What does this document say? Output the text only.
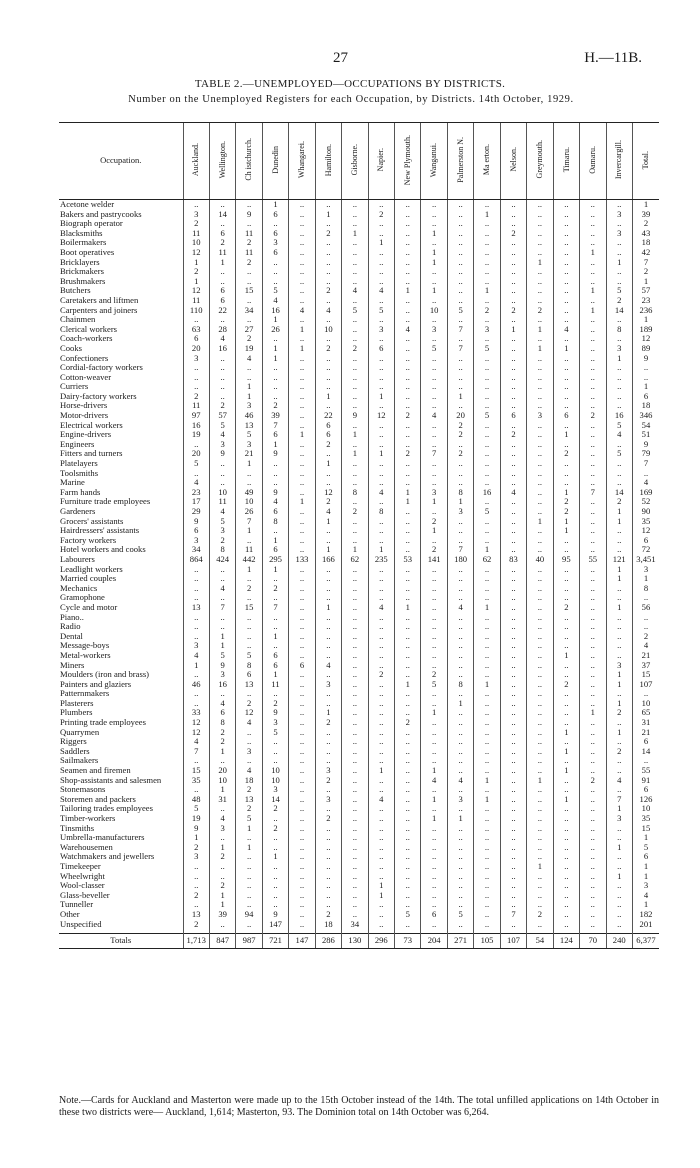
27	H.—11B.
TABLE 2.—UNEMPLOYED—OCCUPATIONS BY DISTRICTS.
Number on the Unemployed Registers for each Occupation, by Districts. 14th October, 1929.
Occupation.	Auckland.	Wellington.	Ch istchurch.	Dunedin	Whangarei.	Hamilton.	Gisborne.	Napier.	New Plymouth.	Wanganui.	Palmerston N.	Ma erton.	Nelson.	Greymouth.	Timaru.	Oamaru.	Invercargill.	Total.
Acetone welder	..	..	..	1	..	..	..	..	..	..	..	..	..	..	..	..	..	1
Bakers and pastrycooks	3	14	9	6	..	1	..	2	..	..	..	1	..	..	..	..	3	39
Biograph operator	2	..	..	..	..	..	..	..	..	..	..	..	..	..	..	..	..	2
Blacksmiths	11	6	11	6	..	2	1	..	..	1	..	..	2	..	..	..	3	43
Boilermakers	10	2	2	3	..	..	..	1	..	..	..	..	..	..	..	..	..	18
Boot operatives	12	11	11	6	..	..	..	..	..	1	..	..	..	..	..	1	..	42
Bricklayers	1	1	2	..	..	..	..	..	..	1	..	..	..	1	..	..	1	7
Brickmakers	2	..	..	..	..	..	..	..	..	..	..	..	..	..	..	..	..	2
Brushmakers	1	..	..	..	..	..	..	..	..	..	..	..	..	..	..	..	..	1
Butchers	12	6	15	5	..	2	4	4	1	1	..	1	..	..	..	1	5	57
Caretakers and liftmen	11	6	..	4	..	..	..	..	..	..	..	..	..	..	..	..	2	23
Carpenters and joiners	110	22	34	16	4	4	5	5	..	10	5	2	2	2	..	1	14	236
Chainmen	..	..	..	1	..	..	..	..	..	..	..	..	..	..	..	..	..	1
Clerical workers	63	28	27	26	1	10	..	3	4	3	7	3	1	1	4	..	8	189
Coach-workers	6	4	2	..	..	..	..	..	..	..	..	..	..	..	..	..	..	12
Cooks	20	16	19	1	1	2	2	6	..	5	7	5	..	1	1	..	3	89
Confectioners	3	..	4	1	..	..	..	..	..	..	..	..	..	..	..	..	1	9
Cordial-factory workers	..	..	..	..	..	..	..	..	..	..	..	..	..	..	..	..	..	..
Cotton-weaver	..	..	..	..	..	..	..	..	..	..	..	..	..	..	..	..	..	..
Curriers	..	..	1	..	..	..	..	..	..	..	..	..	..	..	..	..	..	1
Dairy-factory workers	2	..	1	..	..	1	..	1	..	..	1	..	..	..	..	..	..	6
Horse-drivers	11	2	3	2	..	..	..	..	..	..	..	..	..	..	..	..	..	18
Motor-drivers	97	57	46	39	..	22	9	12	2	4	20	5	6	3	6	2	16	346
Electrical workers	16	5	13	7	..	6	..	..	..	..	2	..	..	..	..	..	5	54
Engine-drivers	19	4	5	6	1	6	1	..	..	..	2	..	2	..	1	..	4	51
Engineers	..	3	3	1	..	2	..	..	..	..	..	..	..	..	..	..	..	9
Fitters and turners	20	9	21	9	..	..	1	1	2	7	2	..	..	..	2	..	5	79
Platelayers	5	..	1	..	..	1	..	..	..	..	..	..	..	..	..	..	..	7
Toolsmiths	..	..	..	..	..	..	..	..	..	..	..	..	..	..	..	..	..	..
Marine	4	..	..	..	..	..	..	..	..	..	..	..	..	..	..	..	..	4
Farm hands	23	10	49	9	..	12	8	4	1	3	8	16	4	..	1	7	14	169
Furniture trade employees	17	11	10	4	1	2	..	..	1	1	1	..	..	..	2	..	2	52
Gardeners	29	4	26	6	..	4	2	8	..	..	3	5	..	..	2	..	1	90
Grocers' assistants	9	5	7	8	..	1	..	..	..	2	..	..	..	1	1	..	1	35
Hairdressers' assistants	6	3	1	..	..	..	..	..	..	1	..	..	..	..	1	..	..	12
Factory workers	3	2	..	1	..	..	..	..	..	..	..	..	..	..	..	..	..	6
Hotel workers and cooks	34	8	11	6	..	1	1	1	..	2	7	1	..	..	..	..	..	72
Labourers	864	424	442	295	133	166	62	235	53	141	180	62	83	40	95	55	121	3,451
Leadlight workers	..	..	1	1	..	..	..	..	..	..	..	..	..	..	..	..	1	3
Married couples	..	..	..	..	..	..	..	..	..	..	..	..	..	..	..	..	1	1
Mechanics	..	4	2	2	..	..	..	..	..	..	..	..	..	..	..	..	..	8
Gramophone	..	..	..	..	..	..	..	..	..	..	..	..	..	..	..	..	..	..
Cycle and motor	13	7	15	7	..	1	..	4	1	..	4	1	..	..	2	..	1	56
Piano..	..	..	..	..	..	..	..	..	..	..	..	..	..	..	..	..	..	..
Radio	..	..	..	..	..	..	..	..	..	..	..	..	..	..	..	..	..	..
Dental	..	1	..	1	..	..	..	..	..	..	..	..	..	..	..	..	..	2
Message-boys	3	1	..	..	..	..	..	..	..	..	..	..	..	..	..	..	..	4
Metal-workers	4	5	5	6	..	..	..	..	..	..	..	..	..	..	1	..	..	21
Miners	1	9	8	6	6	4	..	..	..	..	..	..	..	..	..	..	3	37
Moulders (iron and brass)	..	3	6	1	..	..	..	2	..	2	..	..	..	..	..	..	1	15
Painters and glaziers	46	16	13	11	..	3	..	..	1	5	8	1	..	..	2	..	1	107
Patternmakers	..	..	..	..	..	..	..	..	..	..	..	..	..	..	..	..	..	..
Plasterers	..	4	2	2	..	..	..	..	..	..	1	..	..	..	..	..	1	10
Plumbers	33	6	12	9	..	1	..	..	..	1	..	..	..	..	..	1	2	65
Printing trade employees	12	8	4	3	..	2	..	..	2	..	..	..	..	..	..	..	..	31
Quarrymen	12	2	..	5	..	..	..	..	..	..	..	..	..	..	1	..	1	21
Riggers	4	2	..	..	..	..	..	..	..	..	..	..	..	..	..	..	..	6
Saddlers	7	1	3	..	..	..	..	..	..	..	..	..	..	..	1	..	2	14
Sailmakers	..	..	..	..	..	..	..	..	..	..	..	..	..	..	..	..	..	..
Seamen and firemen	15	20	4	10	..	3	..	1	..	1	..	..	..	..	1	..	..	55
Shop-assistants and salesmen	35	10	18	10	..	2	..	..	..	4	4	1	..	1	..	2	4	91
Stonemasons	..	1	2	3	..	..	..	..	..	..	..	..	..	..	..	..	..	6
Storemen and packers	48	31	13	14	..	3	..	4	..	1	3	1	..	..	1	..	7	126
Tailoring trades employees	5	..	2	2	..	..	..	..	..	..	..	..	..	..	..	..	1	10
Timber-workers	19	4	5	..	..	2	..	..	..	1	1	..	..	..	..	..	3	35
Tinsmiths	9	3	1	2	..	..	..	..	..	..	..	..	..	..	..	..	..	15
Umbrella-manufacturers	1	..	..	..	..	..	..	..	..	..	..	..	..	..	..	..	..	1
Warehousemen	2	1	1	..	..	..	..	..	..	..	..	..	..	..	..	..	1	5
Watchmakers and jewellers	3	2	..	1	..	..	..	..	..	..	..	..	..	..	..	..	..	6
Timekeeper	..	..	..	..	..	..	..	..	..	..	..	..	..	1	..	..	..	1
Wheelwright	..	..	..	..	..	..	..	..	..	..	..	..	..	..	..	..	1	1
Wool-classer	..	2	..	..	..	..	..	1	..	..	..	..	..	..	..	..	..	3
Glass-beveller	2	1	..	..	..	..	..	1	..	..	..	..	..	..	..	..	..	4
Tunneller	..	1	..	..	..	..	..	..	..	..	..	..	..	..	..	..	..	1
Other	13	39	94	9	..	2	..	..	5	6	5	..	7	2	..	..	..	182
Unspecified	2	..	..	147	..	18	34	..	..	..	..	..	..	..	..	..	..	201

Totals	1,713	847	987	721	147	286	130	296	73	204	271	105	107	54	124	70	240	6,377
Note.—Cards for Auckland and Masterton were made up to the 15th October instead of the 14th. The total unfilled applications on 14th October in these two districts were— Auckland, 1,614; Masterton, 93. The Dominion total on 14th October was 6,264.
